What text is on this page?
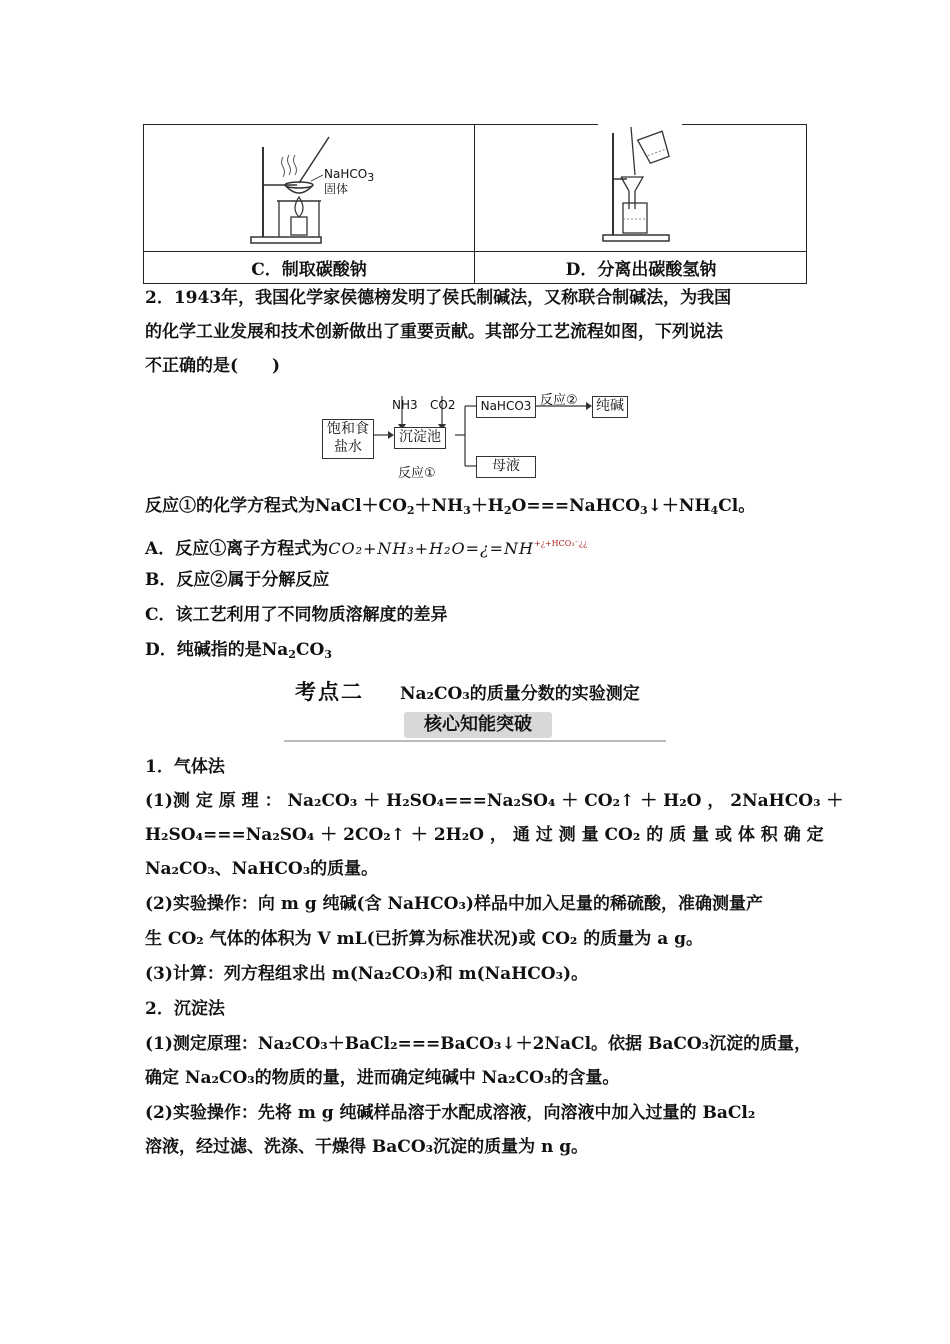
NaHCO$_3$
固体
C．制取碳酸钠	D．分离出碳酸氢钠
2．1943年，我国化学家侯德榜发明了侯氏制碱法，又称联合制碱法，为我国
的化学工业发展和技术创新做出了重要贡献。其部分工艺流程如图，下列说法
不正确的是(　　)
饱和食盐水
沉淀池
NaHCO3	纯碱
母液
NH3 CO2	反应②
反应①
反应①的化学方程式为$NaCl+CO_2+NH_3+H_2O===NaHCO_3↓+NH_4Cl$。
A．反应①离子方程式为$CO_2+NH_3+H_2O=¿=NH^{+¿+HCO_3^-¿¿}$
B．反应②属于分解反应
C．该工艺利用了不同物质溶解度的差异
D．纯碱指的是$Na_2CO_3$
考点二 Na₂CO₃的质量分数的实验测定
核心知能突破
1．气体法
(1)测 定 原 理 ： Na₂CO₃ ＋ H₂SO₄===Na₂SO₄ ＋ CO₂↑ ＋ H₂O ， 2NaHCO₃ ＋
H₂SO₄===Na₂SO₄ ＋ 2CO₂↑ ＋ 2H₂O ， 通 过 测 量 CO₂ 的 质 量 或 体 积 确 定
Na₂CO₃、NaHCO₃的质量。
(2)实验操作：向 m g 纯碱(含 NaHCO₃)样品中加入足量的稀硫酸，准确测量产
生 CO₂ 气体的体积为 V mL(已折算为标准状况)或 CO₂ 的质量为 a g。
(3)计算：列方程组求出 m(Na₂CO₃)和 m(NaHCO₃)。
2．沉淀法
(1)测定原理：Na₂CO₃＋BaCl₂===BaCO₃↓＋2NaCl。依据 BaCO₃沉淀的质量，
确定 Na₂CO₃的物质的量，进而确定纯碱中 Na₂CO₃的含量。
(2)实验操作：先将 m g 纯碱样品溶于水配成溶液，向溶液中加入过量的 BaCl₂
溶液，经过滤、洗涤、干燥得 BaCO₃沉淀的质量为 n g。
